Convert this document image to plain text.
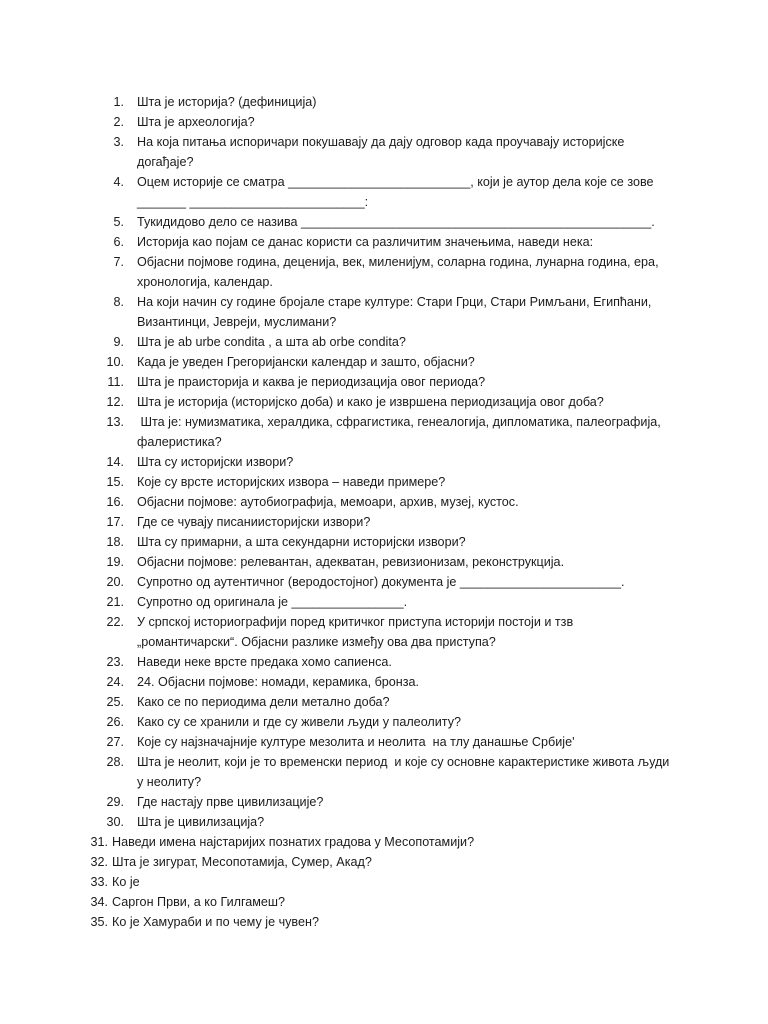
1. Шта је историја? (дефиниција)
2. Шта је археологија?
3. На која питања испоричари покушавају да дају одговор када проучавају историјске
догађаје?
4. Оцем историје се сматра __________________________, који је аутор дела које се зове
_______ _________________________:
5. Тукидидово дело се назива __________________________________________________.
6. Историја као појам се данас користи са различитим значењима, наведи нека:
7. Објасни појмове година, деценија, век, миленијум, соларна година, лунарна година, ера,
хронологија, календар.
8. На који начин су године бројале старе културе: Стари Грци, Стари Римљани, Египћани,
Византинци, Јевреји, муслимани?
9. Шта је ab urbe condita , а шта ab orbe condita?
10. Када је уведен Грегоријански календар и зашто, објасни?
11. Шта је праисторија и каква је периодизација овог периода?
12. Шта је историја (историјско доба) и како је извршена периодизација овог доба?
13. Шта је: нумизматика, хералдика, сфрагистика, генеалогија, дипломатика, палеографија,
фалеристика?
14. Шта су историјски извори?
15. Које су врсте историјских извора – наведи примере?
16. Објасни појмове: аутобиографија, мемоари, архив, музеј, кустос.
17. Где се чувају писаниисторијски извори?
18. Шта су примарни, а шта секундарни историјски извори?
19. Објасни појмове: релевантан, адекватан, ревизионизам, реконструкција.
20. Супротно од аутентичног (веродостојног) документа је _______________________.
21. Супротно од оригинала је ________________.
22. У српској историографији поред критичког приступа историји постоји и тзв
„романтичарски“. Објасни разлике између ова два приступа?
23. Наведи неке врсте предака хомо сапиенса.
24. 24. Објасни појмове: номади, керамика, бронза.
25. Како се по периодима дели метално доба?
26. Како су се хранили и где су живели људи у палеолиту?
27. Које су најзначајније културе мезолита и неолита  на тлу данашње Србије'
28. Шта је неолит, који је то временски период  и које су основне карактеристике живота људи
у неолиту?
29. Где настају прве цивилизације?
30. Шта је цивилизација?
31. Наведи имена најстаријих познатих градова у Месопотамији?
32. Шта је зигурат, Месопотамија, Сумер, Акад?
33. Ко је
34. Саргон Први, а ко Гилгамеш?
35. Ко је Хамураби и по чему је чувен?
